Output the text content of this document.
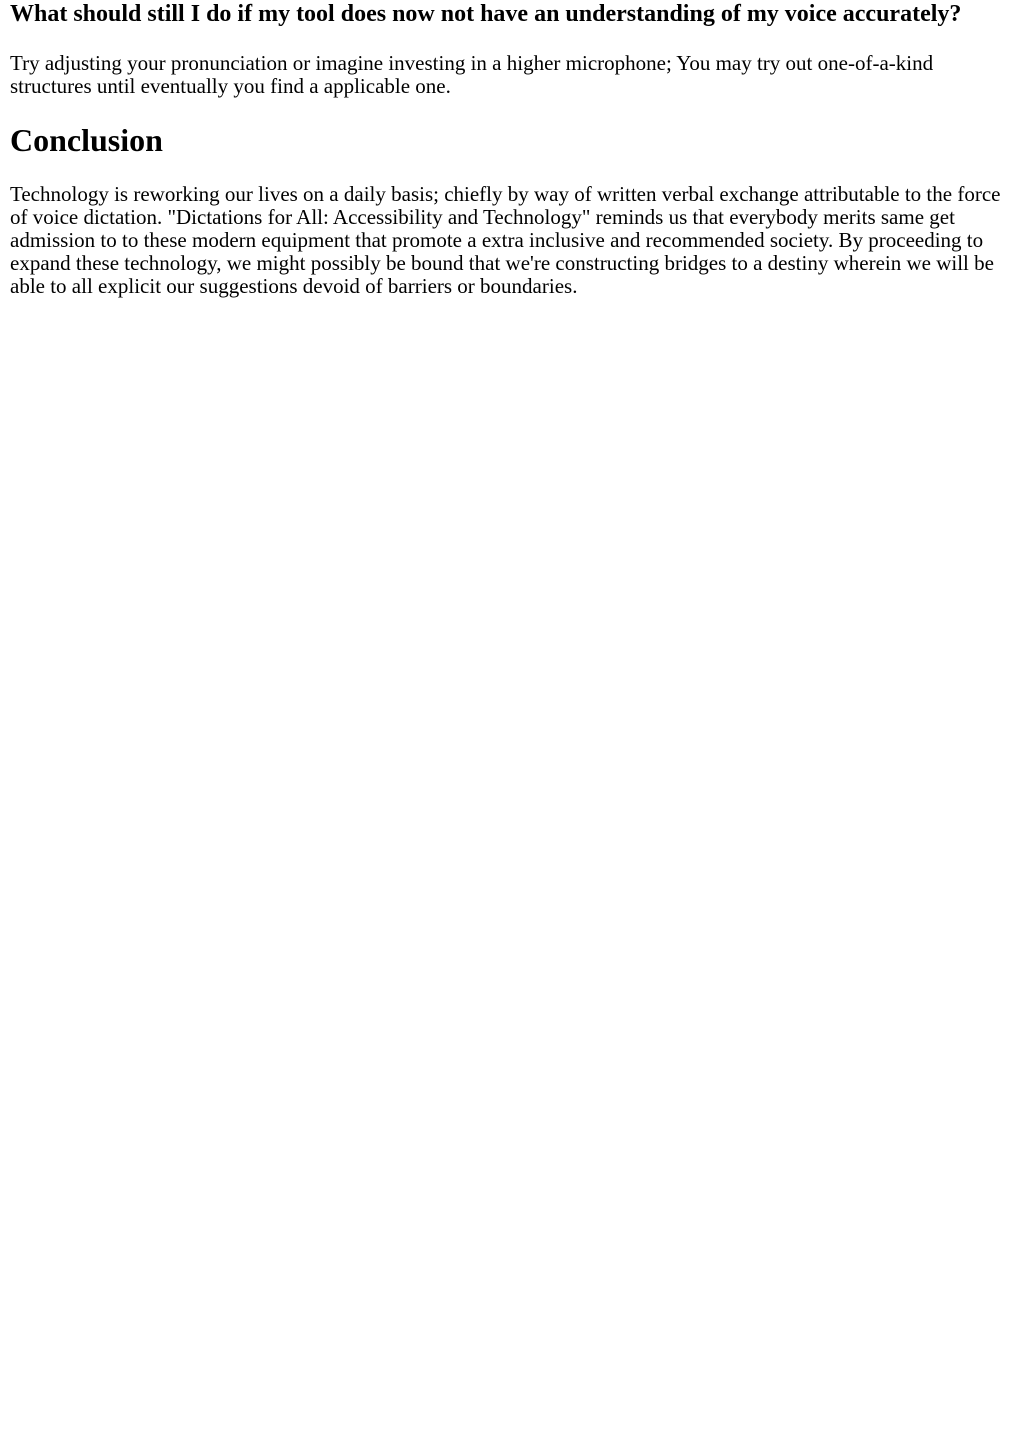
What should still I do if my tool does now not have an understanding of my voice accurately?

Try adjusting your pronunciation or imagine investing in a higher microphone; You may try out one-of-a-kind structures until eventually you find a applicable one.

Conclusion

Technology is reworking our lives on a daily basis; chiefly by way of written verbal exchange attributable to the force of voice dictation. "Dictations for All: Accessibility and Technology" reminds us that everybody merits same get admission to to these modern equipment that promote a extra inclusive and recommended society. By proceeding to expand these technology, we might possibly be bound that we're constructing bridges to a destiny wherein we will be able to all explicit our suggestions devoid of barriers or boundaries.
